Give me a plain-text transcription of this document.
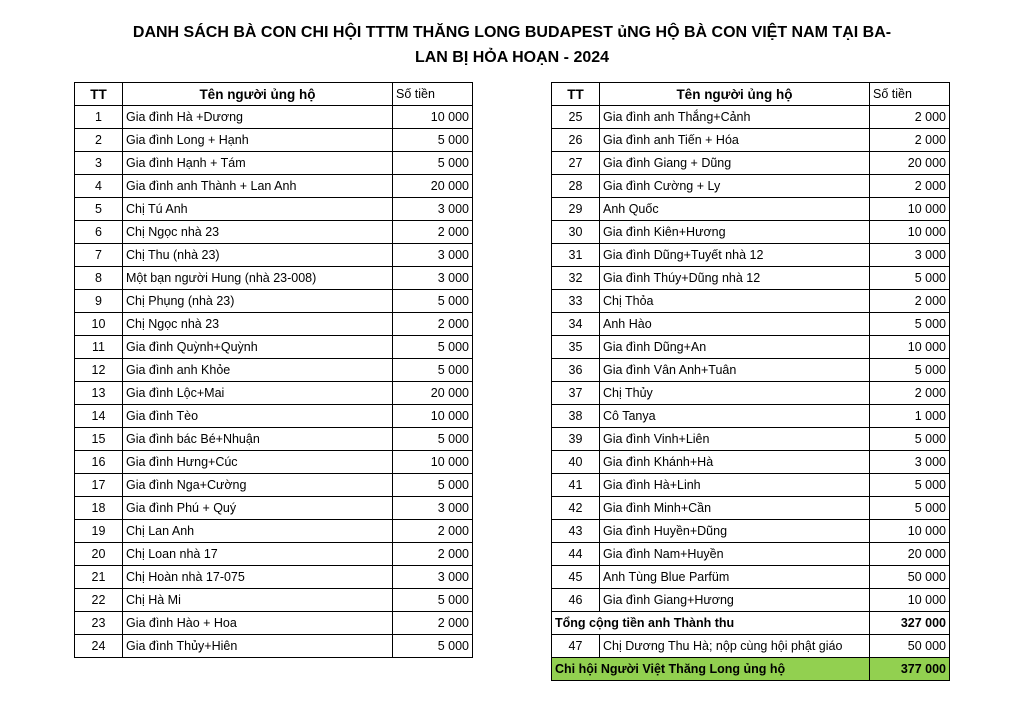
DANH SÁCH BÀ CON CHI HỘI TTTM THĂNG LONG BUDAPEST ủNG HỘ BÀ CON VIỆT NAM TẠI BA-
LAN BỊ HỎA HOẠN - 2024
TT	Tên người ủng hộ	Số tiền
1	Gia đình Hà +Dương	10 000
2	Gia đình Long + Hạnh	5 000
3	Gia đình Hạnh + Tám	5 000
4	Gia đình anh Thành + Lan Anh	20 000
5	Chị Tú Anh	3 000
6	Chị Ngọc nhà 23	2 000
7	Chị Thu (nhà 23)	3 000
8	Một bạn người Hung (nhà 23-008)	3 000
9	Chị Phụng (nhà 23)	5 000
10	Chị Ngọc nhà 23	2 000
11	Gia đình Quỳnh+Quỳnh	5 000
12	Gia đình anh Khỏe	5 000
13	Gia đình Lộc+Mai	20 000
14	Gia đình Tèo	10 000
15	Gia đình bác Bé+Nhuận	5 000
16	Gia đình Hưng+Cúc	10 000
17	Gia đình Nga+Cường	5 000
18	Gia đình Phú + Quý	3 000
19	Chị Lan Anh	2 000
20	Chị Loan nhà 17	2 000
21	Chị Hoàn nhà 17-075	3 000
22	Chị Hà Mi	5 000
23	Gia đình Hào + Hoa	2 000
24	Gia đình Thủy+Hiên	5 000
TT	Tên người ủng hộ	Số tiền
25	Gia đình anh Thắng+Cảnh	2 000
26	Gia đình anh Tiến + Hóa	2 000
27	Gia đình Giang + Dũng	20 000
28	Gia đình Cường + Ly	2 000
29	Anh Quốc	10 000
30	Gia đình Kiên+Hương	10 000
31	Gia đình Dũng+Tuyết nhà 12	3 000
32	Gia đình Thúy+Dũng nhà 12	5 000
33	Chị Thỏa	2 000
34	Anh Hào	5 000
35	Gia đình Dũng+An	10 000
36	Gia đình Vân Anh+Tuân	5 000
37	Chị Thủy	2 000
38	Cô Tanya	1 000
39	Gia đình Vinh+Liên	5 000
40	Gia đình Khánh+Hà	3 000
41	Gia đình Hà+Linh	5 000
42	Gia đình Minh+Cần	5 000
43	Gia đình Huyền+Dũng	10 000
44	Gia đình Nam+Huyền	20 000
45	Anh Tùng Blue Parfüm	50 000
46	Gia đình Giang+Hương	10 000
Tổng cộng tiền anh Thành thu		327 000
47	Chị Dương Thu Hà; nộp cùng hội phật giáo	50 000
Chi hội Người Việt Thăng Long ủng hộ		377 000
